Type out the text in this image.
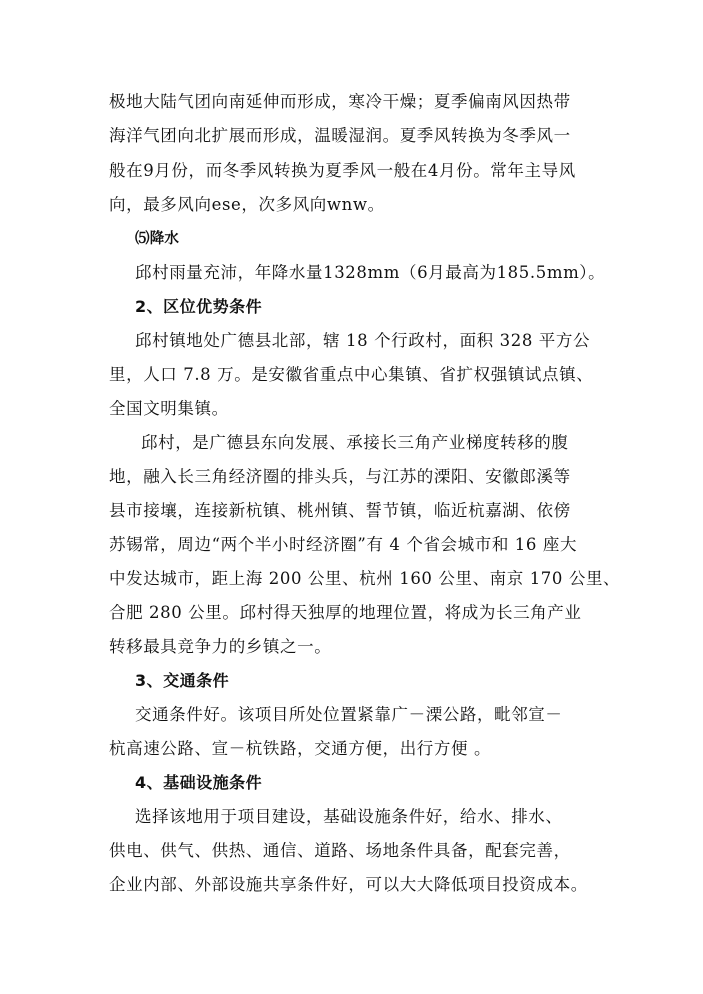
极地大陆气团向南延伸而形成，寒冷干燥；夏季偏南风因热带
海洋气团向北扩展而形成，温暖湿润。夏季风转换为冬季风一
般在9月份，而冬季风转换为夏季风一般在4月份。常年主导风
向，最多风向ese，次多风向wnw。
⑸降水
邱村雨量充沛，年降水量1328mm（6月最高为185.5mm）。
2、区位优势条件
邱村镇地处广德县北部，辖 18 个行政村，面积 328 平方公
里，人口 7.8 万。是安徽省重点中心集镇、省扩权强镇试点镇、
全国文明集镇。
邱村，是广德县东向发展、承接长三角产业梯度转移的腹
地，融入长三角经济圈的排头兵，与江苏的溧阳、安徽郎溪等
县市接壤，连接新杭镇、桃州镇、誓节镇，临近杭嘉湖、依傍
苏锡常，周边“两个半小时经济圈”有 4 个省会城市和 16 座大
中发达城市，距上海 200 公里、杭州 160 公里、南京 170 公里、
合肥 280 公里。邱村得天独厚的地理位置，将成为长三角产业
转移最具竞争力的乡镇之一。
3、交通条件
交通条件好。该项目所处位置紧靠广－溧公路，毗邻宣－
杭高速公路、宣－杭铁路，交通方便，出行方便 。
4、基础设施条件
选择该地用于项目建设，基础设施条件好，给水、排水、
供电、供气、供热、通信、道路、场地条件具备，配套完善，
企业内部、外部设施共享条件好，可以大大降低项目投资成本。
